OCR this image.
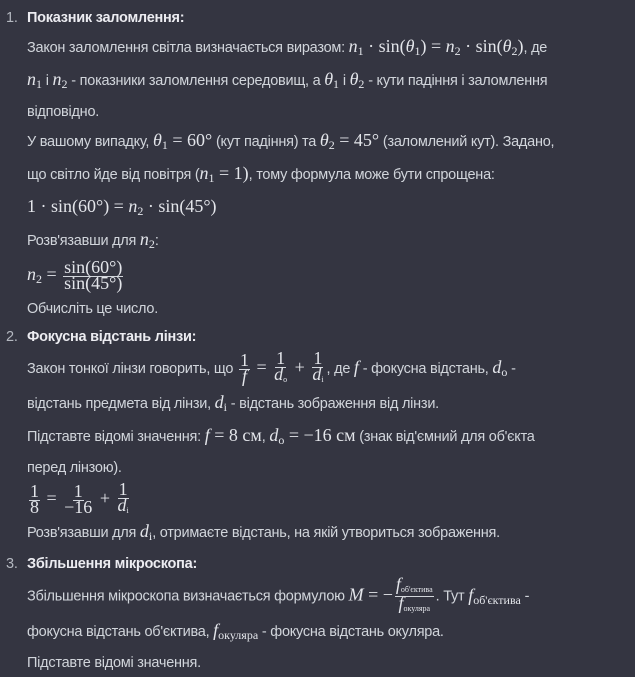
1. Показник заломлення:
Закон заломлення світла визначається виразом: $n_1 \cdot \sin(\theta_1) = n_2 \cdot \sin(\theta_2)$, де
$n_1$ і $n_2$ - показники заломлення середовищ, а $\theta_1$ і $\theta_2$ - кути падіння і заломлення
відповідно.
У вашому випадку, $\theta_1 = 60^\circ$ (кут падіння) та $\theta_2 = 45^\circ$ (заломлений кут). Задано,
що світло йде від повітря $(n_1 = 1)$, тому формула може бути спрощена:
$1 \cdot \sin(60^\circ) = n_2 \cdot \sin(45^\circ)$
Розв'язавши для $n_2$:
$n_2 = \frac{\sin(60^\circ)}{\sin(45^\circ)}$
Обчисліть це число.
2. Фокусна відстань лінзи:
Закон тонкої лінзи говорить, що $\frac{1}{f} = \frac{1}{d_o} + \frac{1}{d_i}$ , де f - фокусна відстань, $d_o$ -
відстань предмета від лінзи, $d_i$ - відстань зображення від лінзи.
Підставте відомі значення: f = 8 см, $d_o = -16$ см (знак від'ємний для об'єкта
перед лінзою).
$\frac{1}{8} = \frac{1}{-16} + \frac{1}{d_i}$
Розв'язавши для $d_i$, отримаєте відстань, на якій утвориться зображення.
3. Збільшення мікроскопа:
Збільшення мікроскопа визначається формулою M = − $\frac{f_{об'єктива}}{f_{окуляра}}$ . Тут $f_{об'єктива}$ -
фокусна відстань об'єктива, $f_{окуляра}$ - фокусна відстань окуляра.
Підставте відомі значення.
